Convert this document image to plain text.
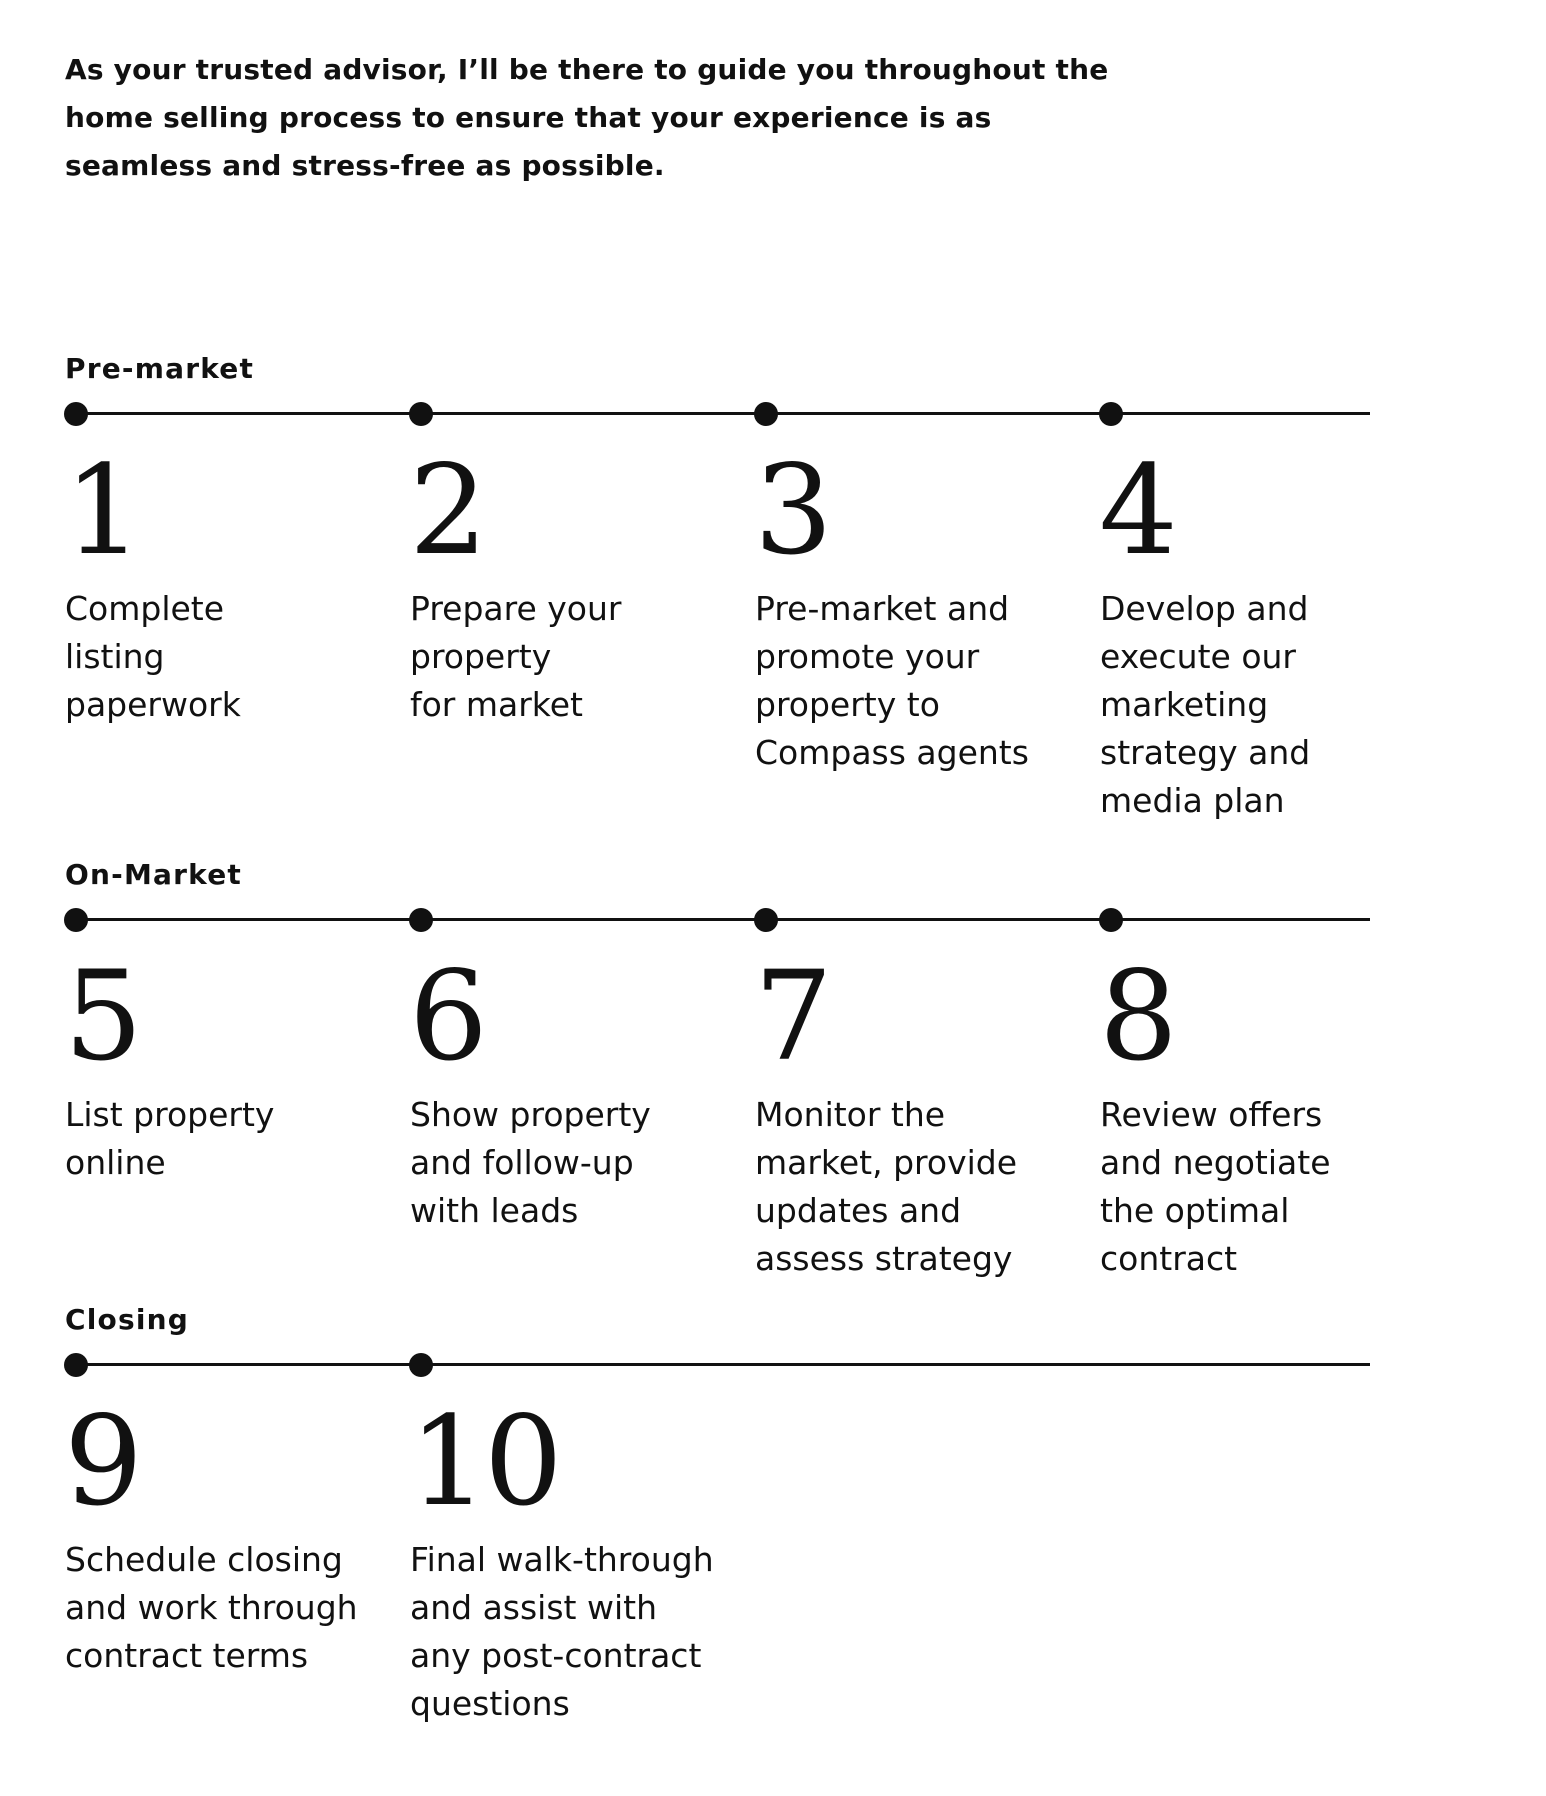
As your trusted advisor, I’ll be there to guide you throughout the home selling process to ensure that your experience is as seamless and stress-free as possible.

Pre-market
1

Complete
listing
paperwork

2

Prepare your
property
for market

3

Pre-market and
promote your
property to
Compass agents

4

Develop and
execute our
marketing
strategy and
media plan

On-Market
5

List property
online

6

Show property
and follow-up
with leads

7

Monitor the
market, provide
updates and
assess strategy

8

Review offers
and negotiate
the optimal
contract

Closing
9

Schedule closing
and work through
contract terms

10

Final walk-through
and assist with
any post-contract
questions
